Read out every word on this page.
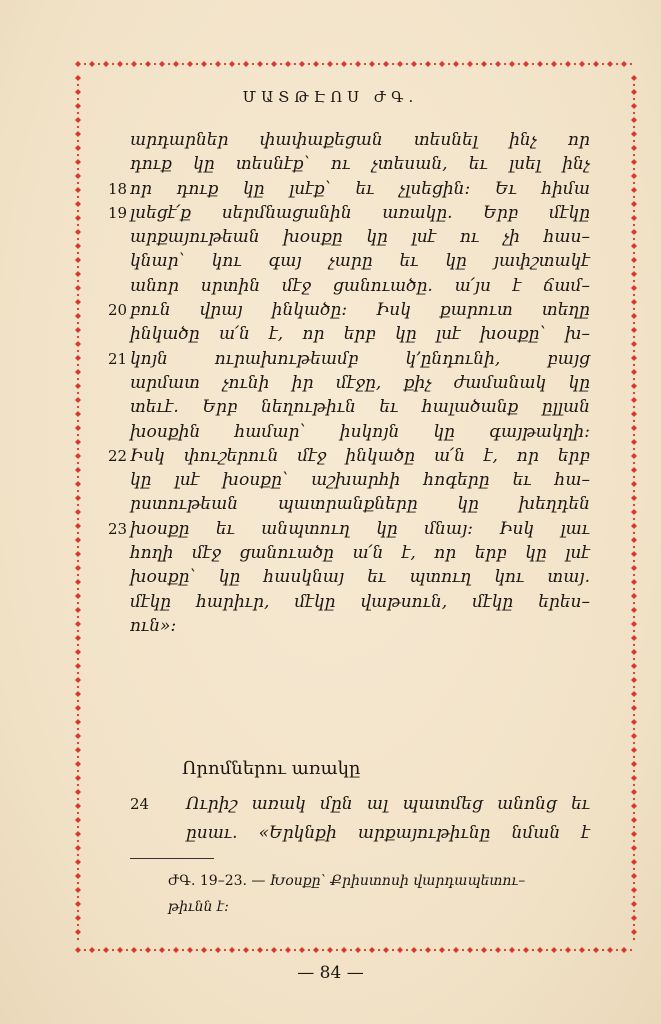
ՄԱՏԹԷՈՍ ԺԳ.
արդարներ փափաքեցան տեսնել ինչ որ
դուք կը տեսնէք՝ ու չտեսան, եւ լսել ինչ
18 որ դուք կը լսէք՝ եւ չլսեցին։ Եւ հիմա
19 լսեցէ՛ք սերմնացանին առակը. Երբ մէկը
արքայութեան խօսքը կը լսէ ու չի հաս–
կնար՝ կու գայ չարը եւ կը յափշտակէ
անոր սրտին մէջ ցանուածը. ա՛յս է ճամ–
20 բուն վրայ ինկածը։ Իսկ քարուտ տեղը
ինկածը ա՛ն է, որ երբ կը լսէ խօսքը՝ խ–
21 կոյն ուրախութեամբ կ՚ընդունի, բայց
արմատ չունի իր մէջը, քիչ ժամանակ կը
տեւէ. Երբ նեղութիւն եւ հալածանք ըլլան
խօսքին համար՝ իսկոյն կը գայթակղի։
22 Իսկ փուշերուն մէջ ինկածը ա՛ն է, որ երբ
կը լսէ խօսքը՝ աշխարհի հոգերը եւ հա–
րստութեան պատրանքները կը խեղդեն
23 խօսքը եւ անպտուղ կը մնայ։ Իսկ լաւ
հողի մէջ ցանուածը ա՛ն է, որ երբ կը լսէ
խօսքը՝ կը հասկնայ եւ պտուղ կու տայ.
մէկը հարիւր, մէկը վաթսուն, մէկը երես–
ուն»։
Որոմներու առակը
24 Ուրիշ առակ մըն ալ պատմեց անոնց եւ
ըսաւ. «Երկնքի արքայութիւնը նման է
ԺԳ. 19–23. — Խօսքը՝ Քրիստոսի վարդապետու–
թիւնն է։
— 84 —
